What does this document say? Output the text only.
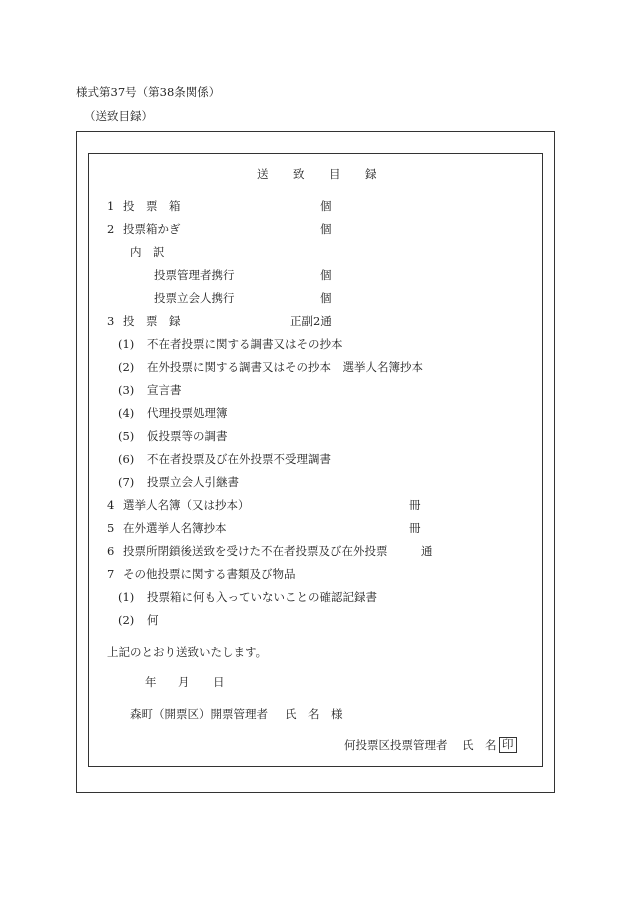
様式第37号（第38条関係）
（送致目録）
送 致 目 録
1 投　票　箱	個
2 投票箱かぎ	個
内　訳
投票管理者携行	個
投票立会人携行	個
3 投　票　録	正副2通
(1) 不在者投票に関する調書又はその抄本
(2) 在外投票に関する調書又はその抄本　選挙人名簿抄本
(3) 宣言書
(4) 代理投票処理簿
(5) 仮投票等の調書
(6) 不在者投票及び在外投票不受理調書
(7) 投票立会人引継書
4 選挙人名簿（又は抄本）	冊
5 在外選挙人名簿抄本	冊
6 投票所閉鎖後送致を受けた不在者投票及び在外投票	通
7 その他投票に関する書類及び物品
(1) 投票箱に何も入っていないことの確認記録書
(2) 何
上記のとおり送致いたします。
年 月 日
森町（開票区）開票管理者 氏　名 様
何投票区投票管理者 氏　名 印
